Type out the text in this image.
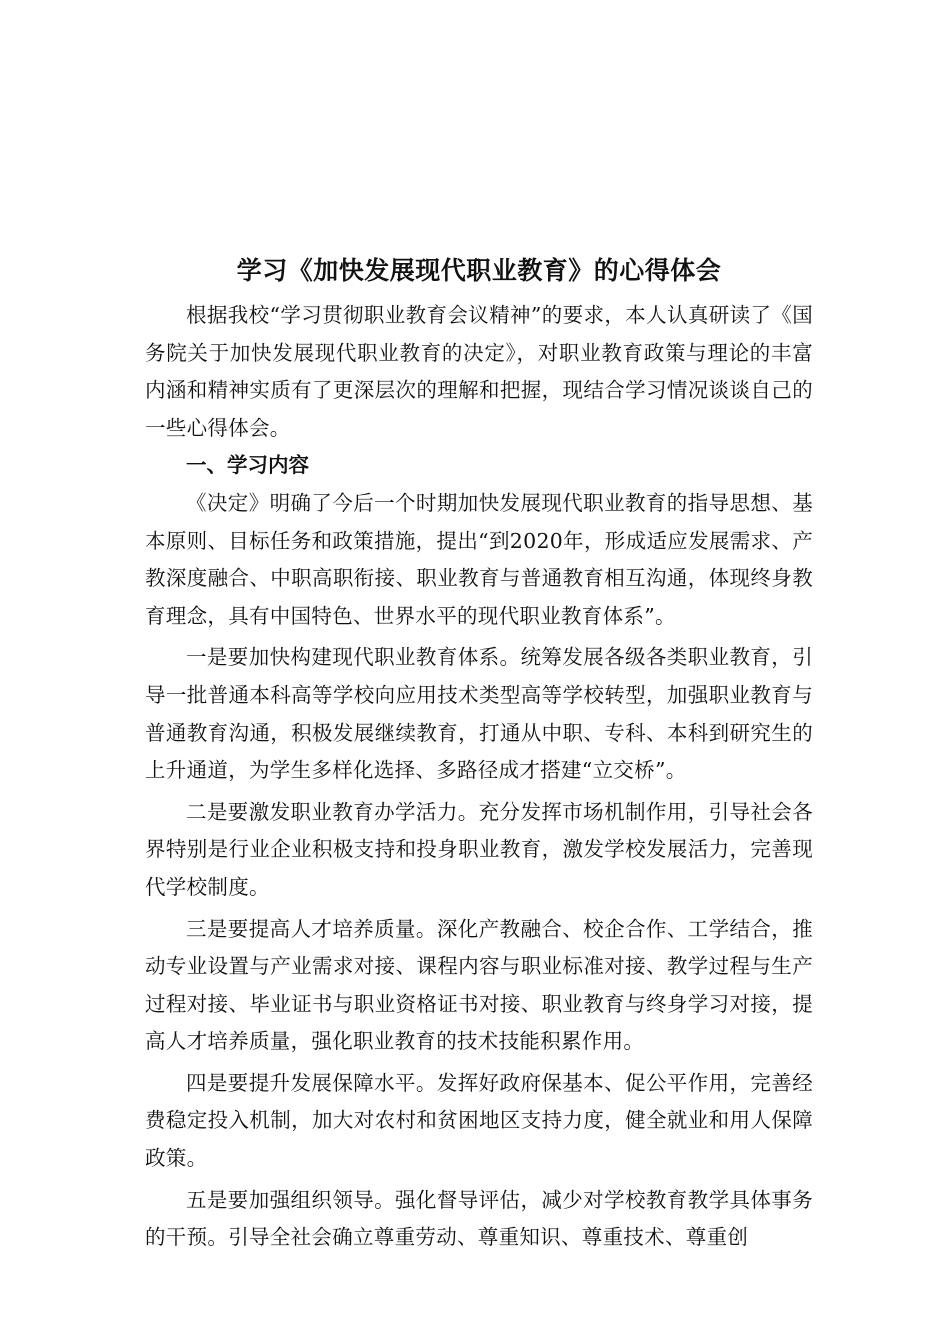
学习《加快发展现代职业教育》的心得体会

根据我校“学习贯彻职业教育会议精神”的要求，本人认真研读了《国务院关于加快发展现代职业教育的决定》，对职业教育政策与理论的丰富内涵和精神实质有了更深层次的理解和把握，现结合学习情况谈谈自己的一些心得体会。

一、学习内容

《决定》明确了今后一个时期加快发展现代职业教育的指导思想、基本原则、目标任务和政策措施，提出“到2020年，形成适应发展需求、产教深度融合、中职高职衔接、职业教育与普通教育相互沟通，体现终身教育理念，具有中国特色、世界水平的现代职业教育体系”。

一是要加快构建现代职业教育体系。统筹发展各级各类职业教育，引导一批普通本科高等学校向应用技术类型高等学校转型，加强职业教育与普通教育沟通，积极发展继续教育，打通从中职、专科、本科到研究生的上升通道，为学生多样化选择、多路径成才搭建“立交桥”。

二是要激发职业教育办学活力。充分发挥市场机制作用，引导社会各界特别是行业企业积极支持和投身职业教育，激发学校发展活力，完善现代学校制度。

三是要提高人才培养质量。深化产教融合、校企合作、工学结合，推动专业设置与产业需求对接、课程内容与职业标准对接、教学过程与生产过程对接、毕业证书与职业资格证书对接、职业教育与终身学习对接，提高人才培养质量，强化职业教育的技术技能积累作用。

四是要提升发展保障水平。发挥好政府保基本、促公平作用，完善经费稳定投入机制，加大对农村和贫困地区支持力度，健全就业和用人保障政策。

五是要加强组织领导。强化督导评估，减少对学校教育教学具体事务的干预。引导全社会确立尊重劳动、尊重知识、尊重技术、尊重创
